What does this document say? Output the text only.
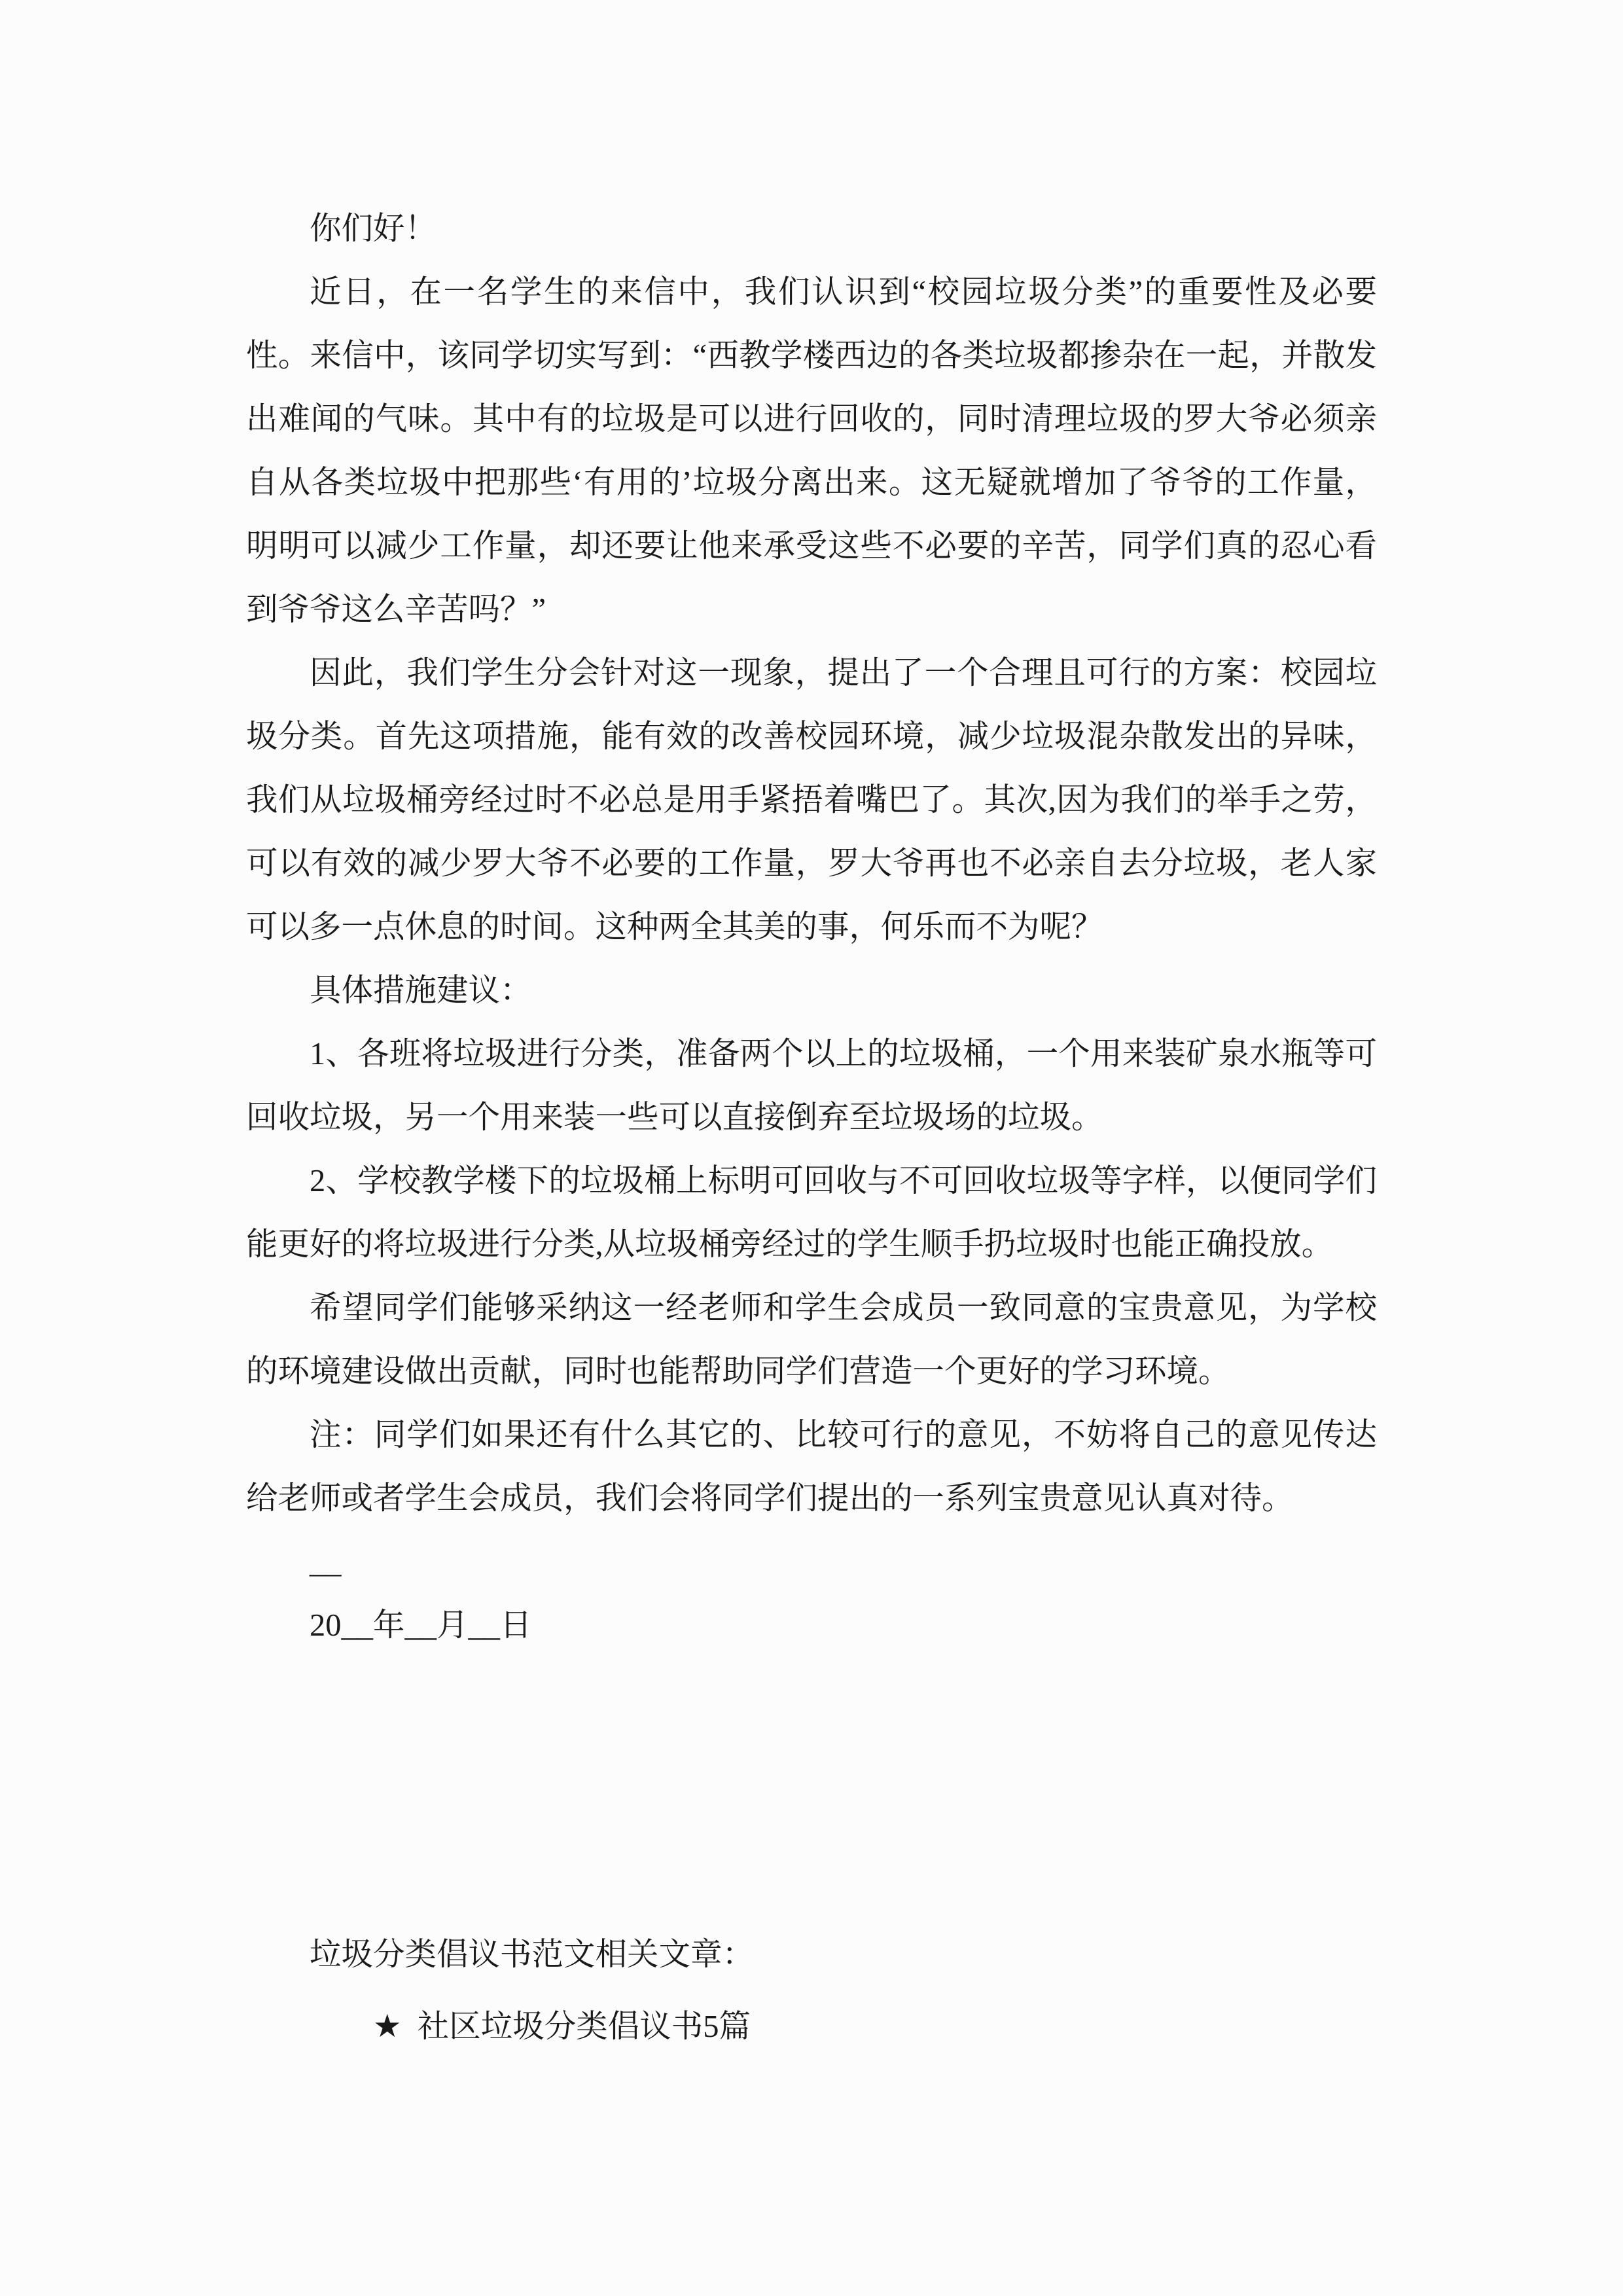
你们好！

近日，在一名学生的来信中，我们认识到“校园垃圾分类”的重要性及必要性。来信中，该同学切实写到：“西教学楼西边的各类垃圾都掺杂在一起，并散发出难闻的气味。其中有的垃圾是可以进行回收的，同时清理垃圾的罗大爷必须亲自从各类垃圾中把那些‘有用的’垃圾分离出来。这无疑就增加了爷爷的工作量，明明可以减少工作量，却还要让他来承受这些不必要的辛苦，同学们真的忍心看到爷爷这么辛苦吗？”

因此，我们学生分会针对这一现象，提出了一个合理且可行的方案：校园垃圾分类。首先这项措施，能有效的改善校园环境，减少垃圾混杂散发出的异味，我们从垃圾桶旁经过时不必总是用手紧捂着嘴巴了。其次,因为我们的举手之劳，可以有效的减少罗大爷不必要的工作量，罗大爷再也不必亲自去分垃圾，老人家可以多一点休息的时间。这种两全其美的事，何乐而不为呢？

具体措施建议：

1、各班将垃圾进行分类，准备两个以上的垃圾桶，一个用来装矿泉水瓶等可回收垃圾，另一个用来装一些可以直接倒弃至垃圾场的垃圾。

2、学校教学楼下的垃圾桶上标明可回收与不可回收垃圾等字样，以便同学们能更好的将垃圾进行分类,从垃圾桶旁经过的学生顺手扔垃圾时也能正确投放。

希望同学们能够采纳这一经老师和学生会成员一致同意的宝贵意见，为学校的环境建设做出贡献，同时也能帮助同学们营造一个更好的学习环境。

注：同学们如果还有什么其它的、比较可行的意见，不妨将自己的意见传达给老师或者学生会成员，我们会将同学们提出的一系列宝贵意见认真对待。

__

20__年__月__日

垃圾分类倡议书范文相关文章：

★ 社区垃圾分类倡议书5篇
